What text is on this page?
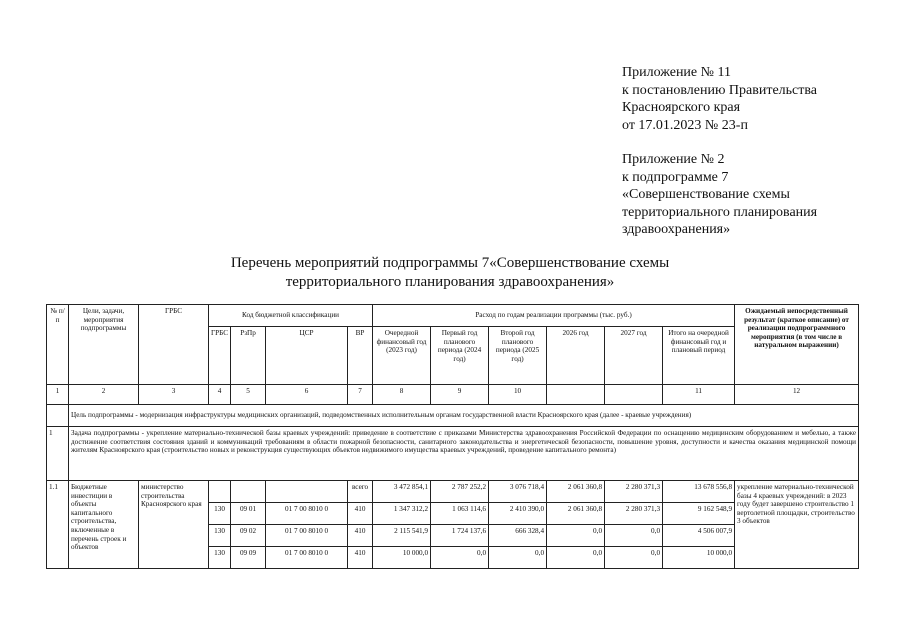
Приложение № 11
к постановлению Правительства
Красноярского края
от 17.01.2023 № 23-п
Приложение № 2
к подпрограмме 7
«Совершенствование схемы
территориального планирования
здравоохранения»
Перечень мероприятий подпрограммы 7«Совершенствование схемы
территориального планирования здравоохранения»
№ п/п	Цели, задачи, мероприятия подпрограммы	ГРБС	Код бюджетной классификации				Расход по годам реализации программы (тыс. руб.)						Ожидаемый непосредственный результат (краткое описание) от реализации подпрограммного мероприятия (в том числе в натуральном выражении)
			ГРБС	РзПр	ЦСР	ВР	Очередной финансовый год (2023 год)	Первый год планового периода (2024 год)	Второй год планового периода (2025 год)	2026 год	2027 год	Итого на очередной финансовый год и плановый период	
1	2	3	4	5	6	7	8	9	10			11	12
	Цель подпрограммы - модернизация инфраструктуры медицинских организаций, подведомственных исполнительным органам государственной власти Красноярского края (далее - краевые учреждения)												
1	Задача подпрограммы - укрепление материально-технической базы краевых учреждений: приведение в соответствие с приказами Министерства здравоохранения Российской Федерации по оснащению медицинским оборудованием и мебелью, а также достижение соответствия состояния зданий и коммуникаций требованиям в области пожарной безопасности, санитарного законодательства и энергетической безопасности, повышение уровня, доступности и качества оказания медицинской помощи жителям Красноярского края (строительство новых и реконструкция существующих объектов недвижимого имущества краевых учреждений, проведение капитального ремонта)												
1.1	Бюджетные инвестиции в объекты капитального строительства, включенные в перечень строек и объектов	министерство строительства Красноярского края				всего	3 472 854,1	2 787 252,2	3 076 718,4	2 061 360,8	2 280 371,3	13 678 556,8	укрепление материально-технической базы 4 краевых учреждений: в 2023 году будет завершено строительство 1 вертолетной площадки, строительство 3 объектов
			130	09 01	01 7 00 8010 0	410	1 347 312,2	1 063 114,6	2 410 390,0	2 061 360,8	2 280 371,3	9 162 548,9	
			130	09 02	01 7 00 8010 0	410	2 115 541,9	1 724 137,6	666 328,4	0,0	0,0	4 506 007,9	
			130	09 09	01 7 00 8010 0	410	10 000,0	0,0	0,0	0,0	0,0	10 000,0	
